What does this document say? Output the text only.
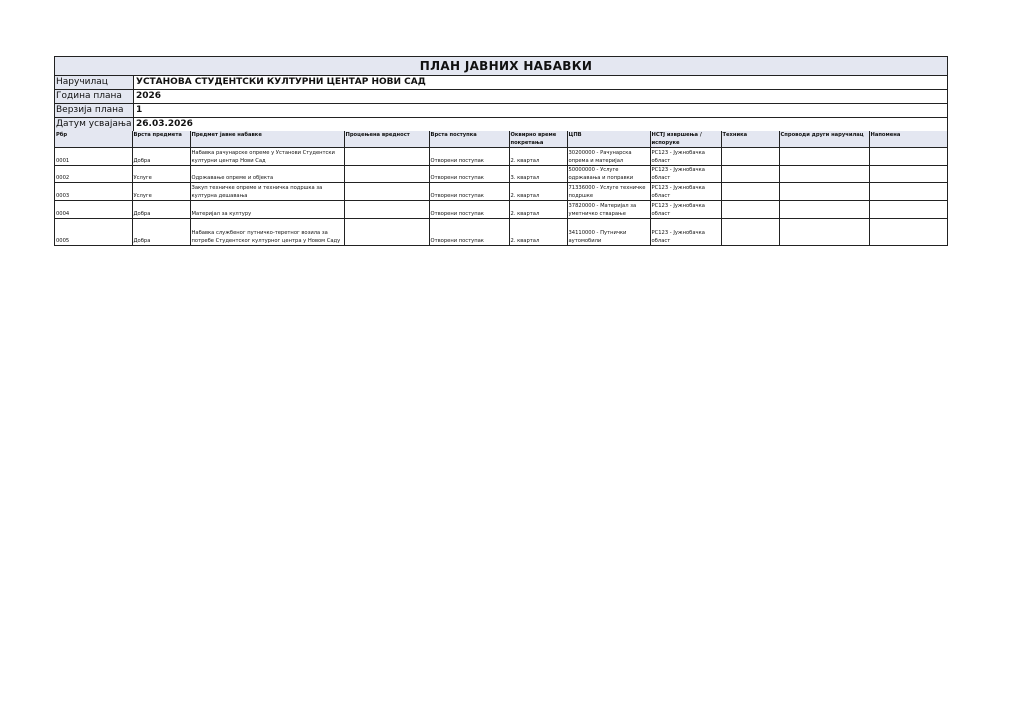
ПЛАН ЈАВНИХ НАБАВКИ
Наручилац	УСТАНОВА СТУДЕНТСКИ КУЛТУРНИ ЦЕНТАР НОВИ САД
Година плана	2026
Верзија плана	1
Датум усвајања 26.03.2026
Рбр	Врста предмета	Предмет јавне набавке	Процењена вредност	Врста поступка	Оквирно време покретања	ЦПВ	НСТЈ извршења / испоруке	Техника	Спроводи други наручилац	Напомена
0001	Добра	Набавка рачунарске опреме у Установи Студентски културни центар Нови Сад		Отворени поступак	2. квартал	30200000 - Рачунарска опрема и материјал	РС123 - Јужнобачка област			
0002	Услуге	Одржавање опреме и објекта		Отворени поступак	3. квартал	50000000 - Услуге одржавања и поправки	РС123 - Јужнобачка област			
0003	Услуге	Закуп техничке опреме и техничка подршка за културна дешавања		Отворени поступак	2. квартал	71336000 - Услуге техничке подршке	РС123 - Јужнобачка област			
0004	Добра	Материјал за културу		Отворени поступак	2. квартал	37820000 - Материјал за уметничко стварање	РС123 - Јужнобачка област			
0005	Добра	Набавка службеног путничко-теретног возила за потребе Студентског културног центра у Новом Саду		Отворени поступак	2. квартал	34110000 - Путнички аутомобили	РС123 - Јужнобачка област			
